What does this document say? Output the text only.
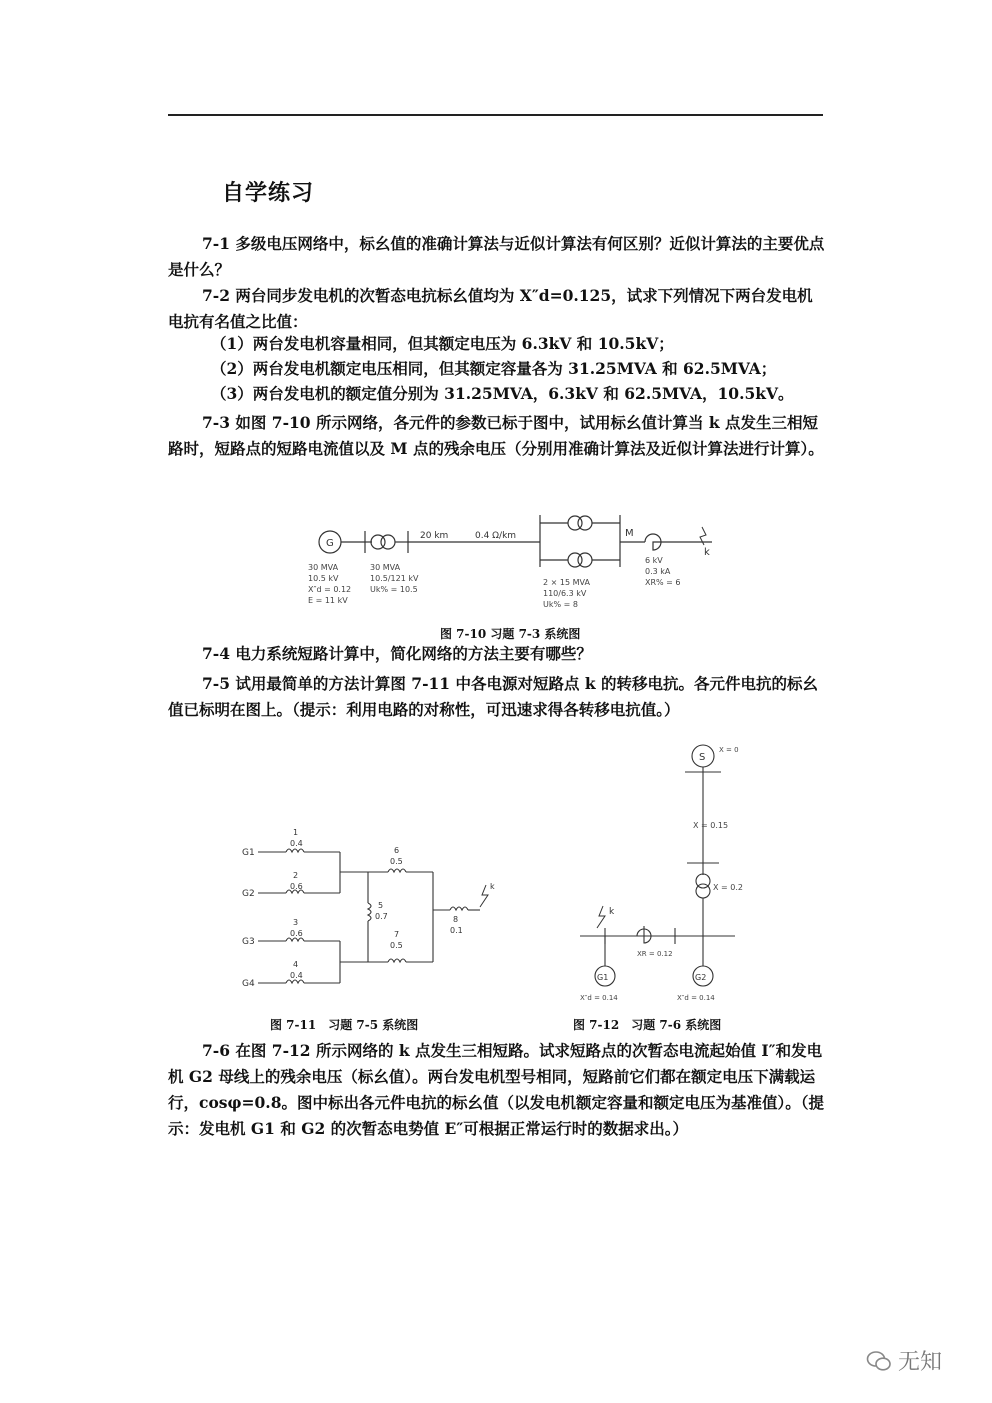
自学练习
7-1 多级电压网络中，标幺值的准确计算法与近似计算法有何区别？近似计算法的主要优点是什么？
7-2 两台同步发电机的次暂态电抗标幺值均为 X″d=0.125，试求下列情况下两台发电机电抗有名值之比值：
（1）两台发电机容量相同，但其额定电压为 6.3kV 和 10.5kV；
（2）两台发电机额定电压相同，但其额定容量各为 31.25MVA 和 62.5MVA；
（3）两台发电机的额定值分别为 31.25MVA，6.3kV 和 62.5MVA，10.5kV。
7-3 如图 7-10 所示网络，各元件的参数已标于图中，试用标幺值计算当 k 点发生三相短路时，短路点的短路电流值以及 M 点的残余电压（分别用准确计算法及近似计算法进行计算）。
G
20 km	0.4 Ω/km	M
k
30 MVA
10.5 kV
X″d = 0.12
E = 11 kV
30 MVA
10.5/121 kV
Uk% = 10.5
2 × 15 MVA
110/6.3 kV
Uk% = 8
6 kV
0.3 kA
XR% = 6
图 7-10 习题 7-3 系统图
7-4 电力系统短路计算中，简化网络的方法主要有哪些？
7-5 试用最简单的方法计算图 7-11 中各电源对短路点 k 的转移电抗。各元件电抗的标幺值已标明在图上。（提示：利用电路的对称性，可迅速求得各转移电抗值。）
G1
G2
G3
G4
1
0.4
2
0.6
3
0.6
4
0.4
6
0.5
7
0.5
5
0.7	8
0.1
k
图 7-11　习题 7-5 系统图
S
X = 0
X = 0.15
X = 0.2
XR = 0.12
k
G1
X″d = 0.14
G2
X″d = 0.14
图 7-12　习题 7-6 系统图
7-6 在图 7-12 所示网络的 k 点发生三相短路。试求短路点的次暂态电流起始值 I″和发电机 G2 母线上的残余电压（标幺值）。两台发电机型号相同，短路前它们都在额定电压下满载运行，cosφ=0.8。图中标出各元件电抗的标幺值（以发电机额定容量和额定电压为基准值）。（提示：发电机 G1 和 G2 的次暂态电势值 E″可根据正常运行时的数据求出。）
无知
